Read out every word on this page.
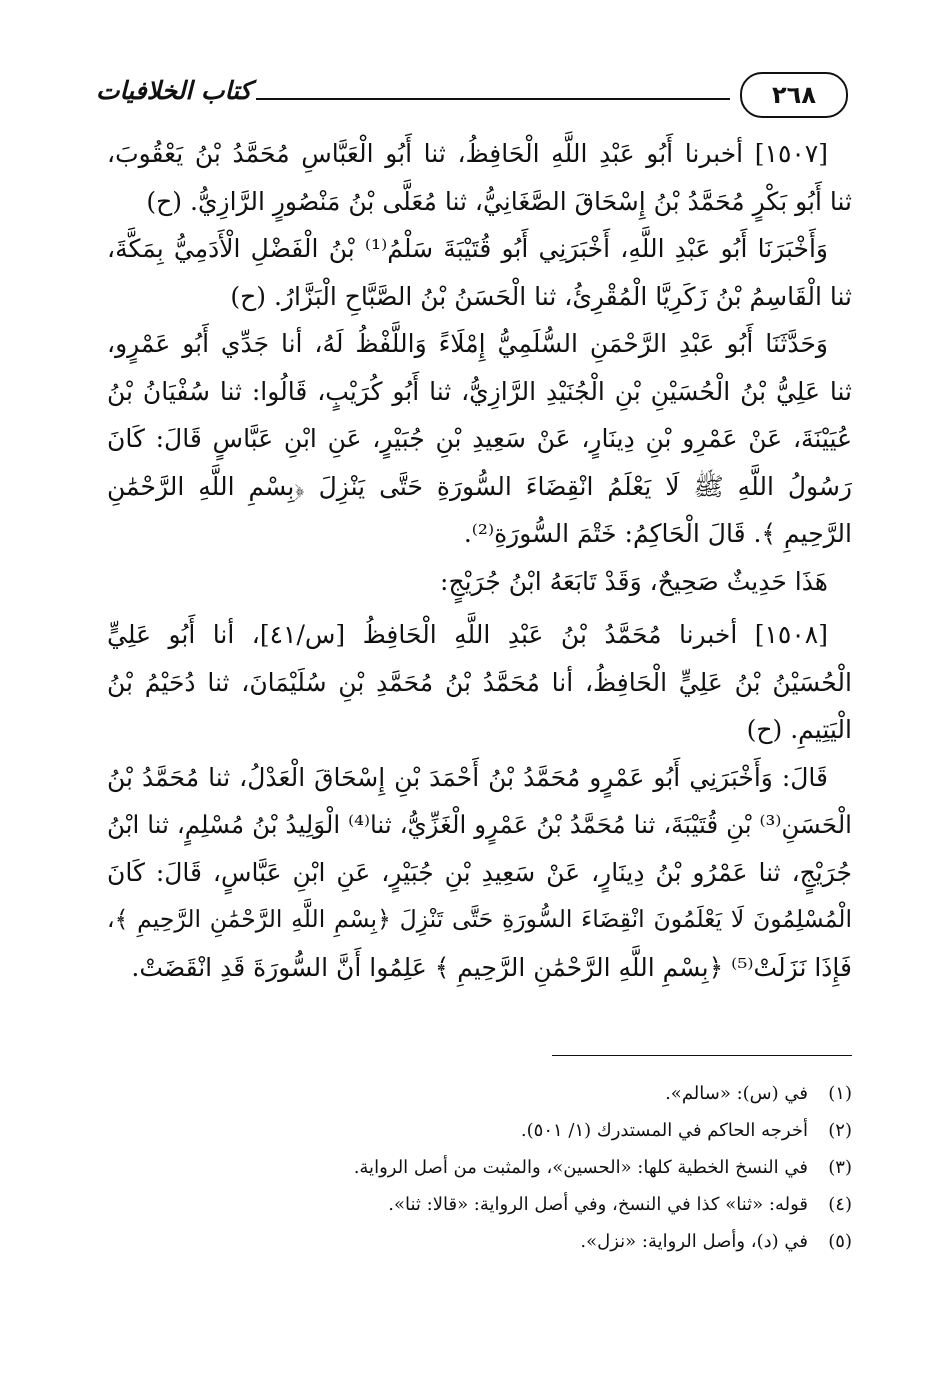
٢٦٨
كتاب الخلافيات
[١٥٠٧] أخبرنا أَبُو عَبْدِ اللَّهِ الْحَافِظُ، ثنا أَبُو الْعَبَّاسِ مُحَمَّدُ بْنُ يَعْقُوبَ،
ثنا أَبُو بَكْرٍ مُحَمَّدُ بْنُ إِسْحَاقَ الصَّغَانِيُّ، ثنا مُعَلَّى بْنُ مَنْصُورٍ الرَّازِيُّ. (ح)
وَأَخْبَرَنَا أَبُو عَبْدِ اللَّهِ، أَخْبَرَنِي أَبُو قُتَيْبَةَ سَلْمُ⁽¹⁾ بْنُ الْفَضْلِ الْأَدَمِيُّ بِمَكَّةَ،
ثنا الْقَاسِمُ بْنُ زَكَرِيَّا الْمُقْرِئُ، ثنا الْحَسَنُ بْنُ الصَّبَّاحِ الْبَزَّارُ. (ح)
وَحَدَّثَنَا أَبُو عَبْدِ الرَّحْمَنِ السُّلَمِيُّ إِمْلَاءً وَاللَّفْظُ لَهُ، أنا جَدِّي أَبُو عَمْرٍو،
ثنا عَلِيُّ بْنُ الْحُسَيْنِ بْنِ الْجُنَيْدِ الرَّازِيُّ، ثنا أَبُو كُرَيْبٍ، قَالُوا: ثنا سُفْيَانُ بْنُ
عُيَيْنَةَ، عَنْ عَمْرِو بْنِ دِينَارٍ، عَنْ سَعِيدِ بْنِ جُبَيْرٍ، عَنِ ابْنِ عَبَّاسٍ قَالَ: كَانَ
رَسُولُ اللَّهِ ﷺ لَا يَعْلَمُ انْقِضَاءَ السُّورَةِ حَتَّى يَنْزِلَ ﴿بِسْمِ اللَّهِ الرَّحْمَٰنِ
الرَّحِيمِ ﴾. قَالَ الْحَاكِمُ: خَتْمَ السُّورَةِ⁽²⁾.
هَذَا حَدِيثٌ صَحِيحٌ، وَقَدْ تَابَعَهُ ابْنُ جُرَيْجٍ:
[١٥٠٨] أخبرنا مُحَمَّدُ بْنُ عَبْدِ اللَّهِ الْحَافِظُ [س/٤١]، أنا أَبُو عَلِيٍّ
الْحُسَيْنُ بْنُ عَلِيٍّ الْحَافِظُ، أنا مُحَمَّدُ بْنُ مُحَمَّدِ بْنِ سُلَيْمَانَ، ثنا دُحَيْمُ بْنُ
الْيَتِيمِ. (ح)
قَالَ: وَأَخْبَرَنِي أَبُو عَمْرٍو مُحَمَّدُ بْنُ أَحْمَدَ بْنِ إِسْحَاقَ الْعَدْلُ، ثنا مُحَمَّدُ بْنُ
الْحَسَنِ⁽³⁾ بْنِ قُتَيْبَةَ، ثنا مُحَمَّدُ بْنُ عَمْرٍو الْغَزِّيُّ، ثنا⁽⁴⁾ الْوَلِيدُ بْنُ مُسْلِمٍ، ثنا ابْنُ
جُرَيْجٍ، ثنا عَمْرُو بْنُ دِينَارٍ، عَنْ سَعِيدِ بْنِ جُبَيْرٍ، عَنِ ابْنِ عَبَّاسٍ، قَالَ: كَانَ
الْمُسْلِمُونَ لَا يَعْلَمُونَ انْقِضَاءَ السُّورَةِ حَتَّى تَنْزِلَ ﴿بِسْمِ اللَّهِ الرَّحْمَٰنِ الرَّحِيمِ ﴾،
فَإِذَا نَزَلَتْ⁽⁵⁾ ﴿بِسْمِ اللَّهِ الرَّحْمَٰنِ الرَّحِيمِ ﴾ عَلِمُوا أَنَّ السُّورَةَ قَدِ انْقَضَتْ.
(١)في (س): «سالم».
(٢)أخرجه الحاكم في المستدرك (١/ ٥٠١).
(٣)في النسخ الخطية كلها: «الحسين»، والمثبت من أصل الرواية.
(٤)قوله: «ثنا» كذا في النسخ، وفي أصل الرواية: «قالا: ثنا».
(٥)في (د)، وأصل الرواية: «نزل».
